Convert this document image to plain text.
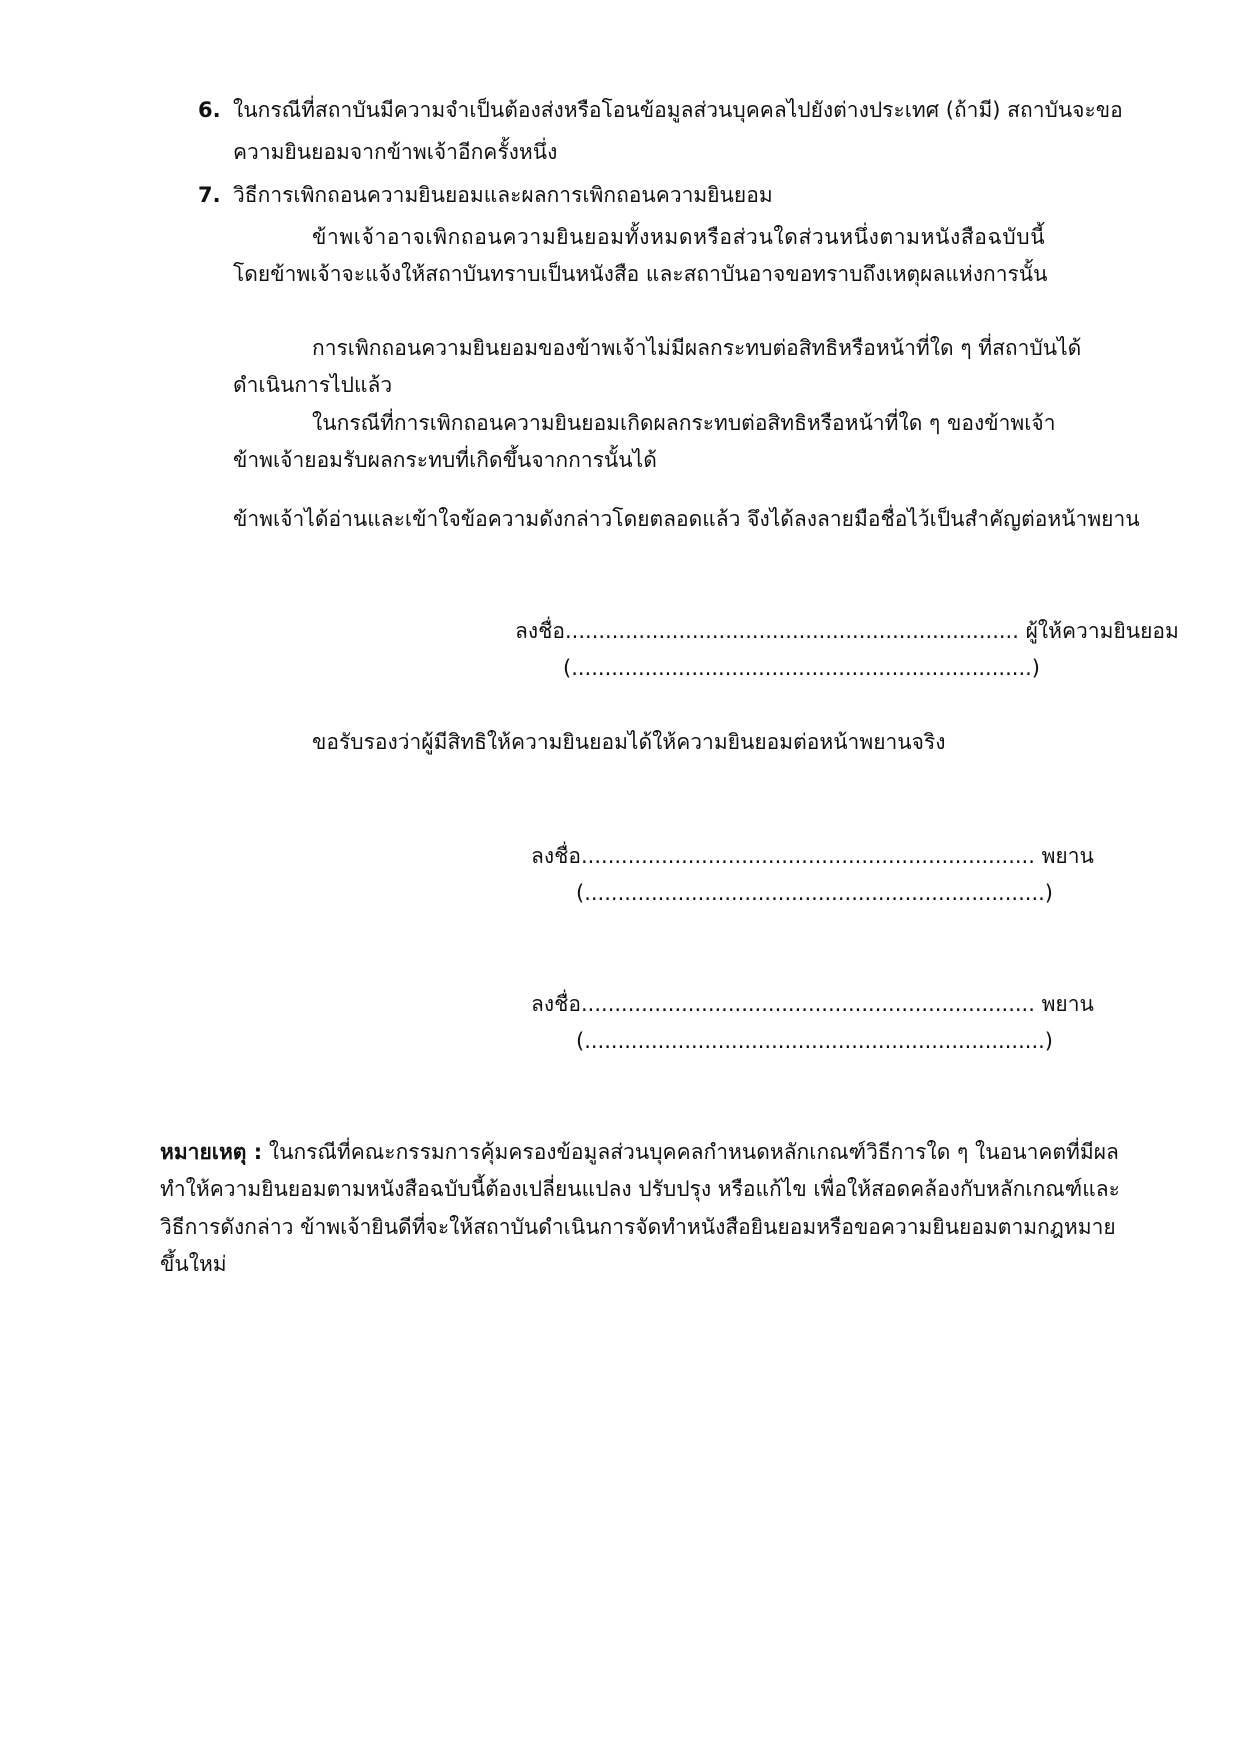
6. ในกรณีที่สถาบันมีความจำเป็นต้องส่งหรือโอนข้อมูลส่วนบุคคลไปยังต่างประเทศ (ถ้ามี) สถาบันจะขอ
ความยินยอมจากข้าพเจ้าอีกครั้งหนึ่ง
7. วิธีการเพิกถอนความยินยอมและผลการเพิกถอนความยินยอม
ข้าพเจ้าอาจเพิกถอนความยินยอมทั้งหมดหรือส่วนใดส่วนหนึ่งตามหนังสือฉบับนี้
โดยข้าพเจ้าจะแจ้งให้สถาบันทราบเป็นหนังสือ และสถาบันอาจขอทราบถึงเหตุผลแห่งการนั้น
การเพิกถอนความยินยอมของข้าพเจ้าไม่มีผลกระทบต่อสิทธิหรือหน้าที่ใด ๆ ที่สถาบันได้
ดำเนินการไปแล้ว
ในกรณีที่การเพิกถอนความยินยอมเกิดผลกระทบต่อสิทธิหรือหน้าที่ใด ๆ ของข้าพเจ้า
ข้าพเจ้ายอมรับผลกระทบที่เกิดขึ้นจากการนั้นได้
ข้าพเจ้าได้อ่านและเข้าใจข้อความดังกล่าวโดยตลอดแล้ว จึงได้ลงลายมือชื่อไว้เป็นสำคัญต่อหน้าพยาน
ลงชื่อ.................................................................... ผู้ให้ความยินยอม
(.....................................................................)
ขอรับรองว่าผู้มีสิทธิให้ความยินยอมได้ให้ความยินยอมต่อหน้าพยานจริง
ลงชื่อ.................................................................... พยาน
(.....................................................................)
ลงชื่อ.................................................................... พยาน
(.....................................................................)
หมายเหตุ : ในกรณีที่คณะกรรมการคุ้มครองข้อมูลส่วนบุคคลกำหนดหลักเกณฑ์วิธีการใด ๆ ในอนาคตที่มีผล
ทำให้ความยินยอมตามหนังสือฉบับนี้ต้องเปลี่ยนแปลง ปรับปรุง หรือแก้ไข เพื่อให้สอดคล้องกับหลักเกณฑ์และ
วิธีการดังกล่าว ข้าพเจ้ายินดีที่จะให้สถาบันดำเนินการจัดทำหนังสือยินยอมหรือขอความยินยอมตามกฎหมาย
ขึ้นใหม่
